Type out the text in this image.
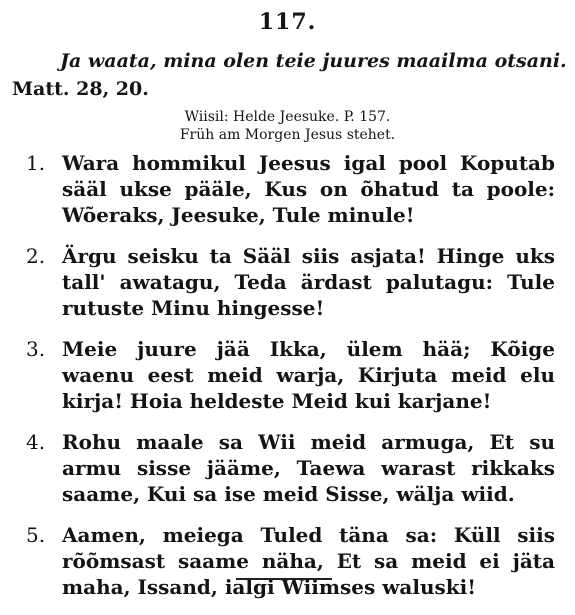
117.
Ja waata, mina olen teie juures maailma otsani.
Matt. 28, 20.
Wiisil: Helde Jeesuke. P. 157.
Früh am Morgen Jesus stehet.
1. Wara hommikul Jeesus igal pool Koputab sääl ukse pääle, Kus on õhatud ta poole: Wõeraks, Jeesuke, Tule minule!
2. Ärgu seisku ta Sääl siis asjata! Hinge uks tall' awatagu, Teda ärdast palutagu: Tule rutuste Minu hingesse!
3. Meie juure jää Ikka, ülem hää; Kõige waenu eest meid warja, Kirjuta meid elu kirja! Hoia heldeste Meid kui karjane!
4. Rohu maale sa Wii meid armuga, Et su armu sisse jääme, Taewa warast rikkaks saame, Kui sa ise meid Sisse, wälja wiid.
5. Aamen, meiega Tuled täna sa: Küll siis rõõmsast saame näha, Et sa meid ei jäta maha, Issand, ialgi Wiimses waluski!
